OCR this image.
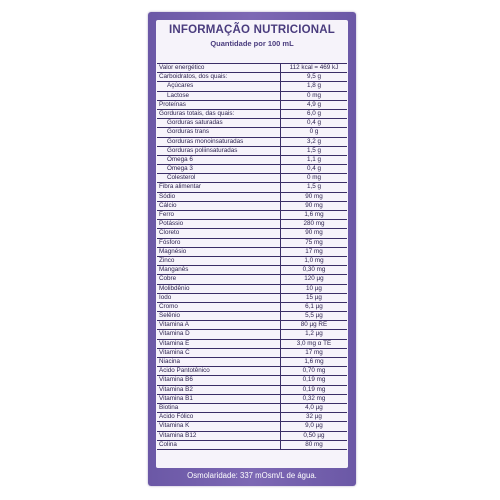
INFORMAÇÃO NUTRICIONAL
Quantidade por 100 mL
Valor energético	112 kcal = 469 kJ
Carboidratos, dos quais:	9,5 g
Açúcares	1,8 g
Lactose	0 mg
Proteínas	4,9 g
Gorduras totais, das quais:	6,0 g
Gorduras saturadas	0,4 g
Gorduras trans	0 g
Gorduras monoinsaturadas	3,2 g
Gorduras poliinsaturadas	1,5 g
Ômega 6	1,1 g
Ômega 3	0,4 g
Colesterol	0 mg
Fibra alimentar	1,5 g
Sódio	90 mg
Cálcio	90 mg
Ferro	1,6 mg
Potássio	280 mg
Cloreto	90 mg
Fósforo	75 mg
Magnésio	17 mg
Zinco	1,0 mg
Manganês	0,30 mg
Cobre	120 µg
Molibdênio	10 µg
Iodo	15 µg
Cromo	6,1 µg
Selênio	5,5 µg
Vitamina A	80 µg RE
Vitamina D	1,2 µg
Vitamina E	3,0 mg α TE
Vitamina C	17 mg
Niacina	1,6 mg
Ácido Pantotênico	0,70 mg
Vitamina B6	0,19 mg
Vitamina B2	0,19 mg
Vitamina B1	0,32 mg
Biotina	4,0 µg
Ácido Fólico	32 µg
Vitamina K	9,0 µg
Vitamina B12	0,50 µg
Colina	80 mg
Osmolaridade: 337 mOsm/L de água.
